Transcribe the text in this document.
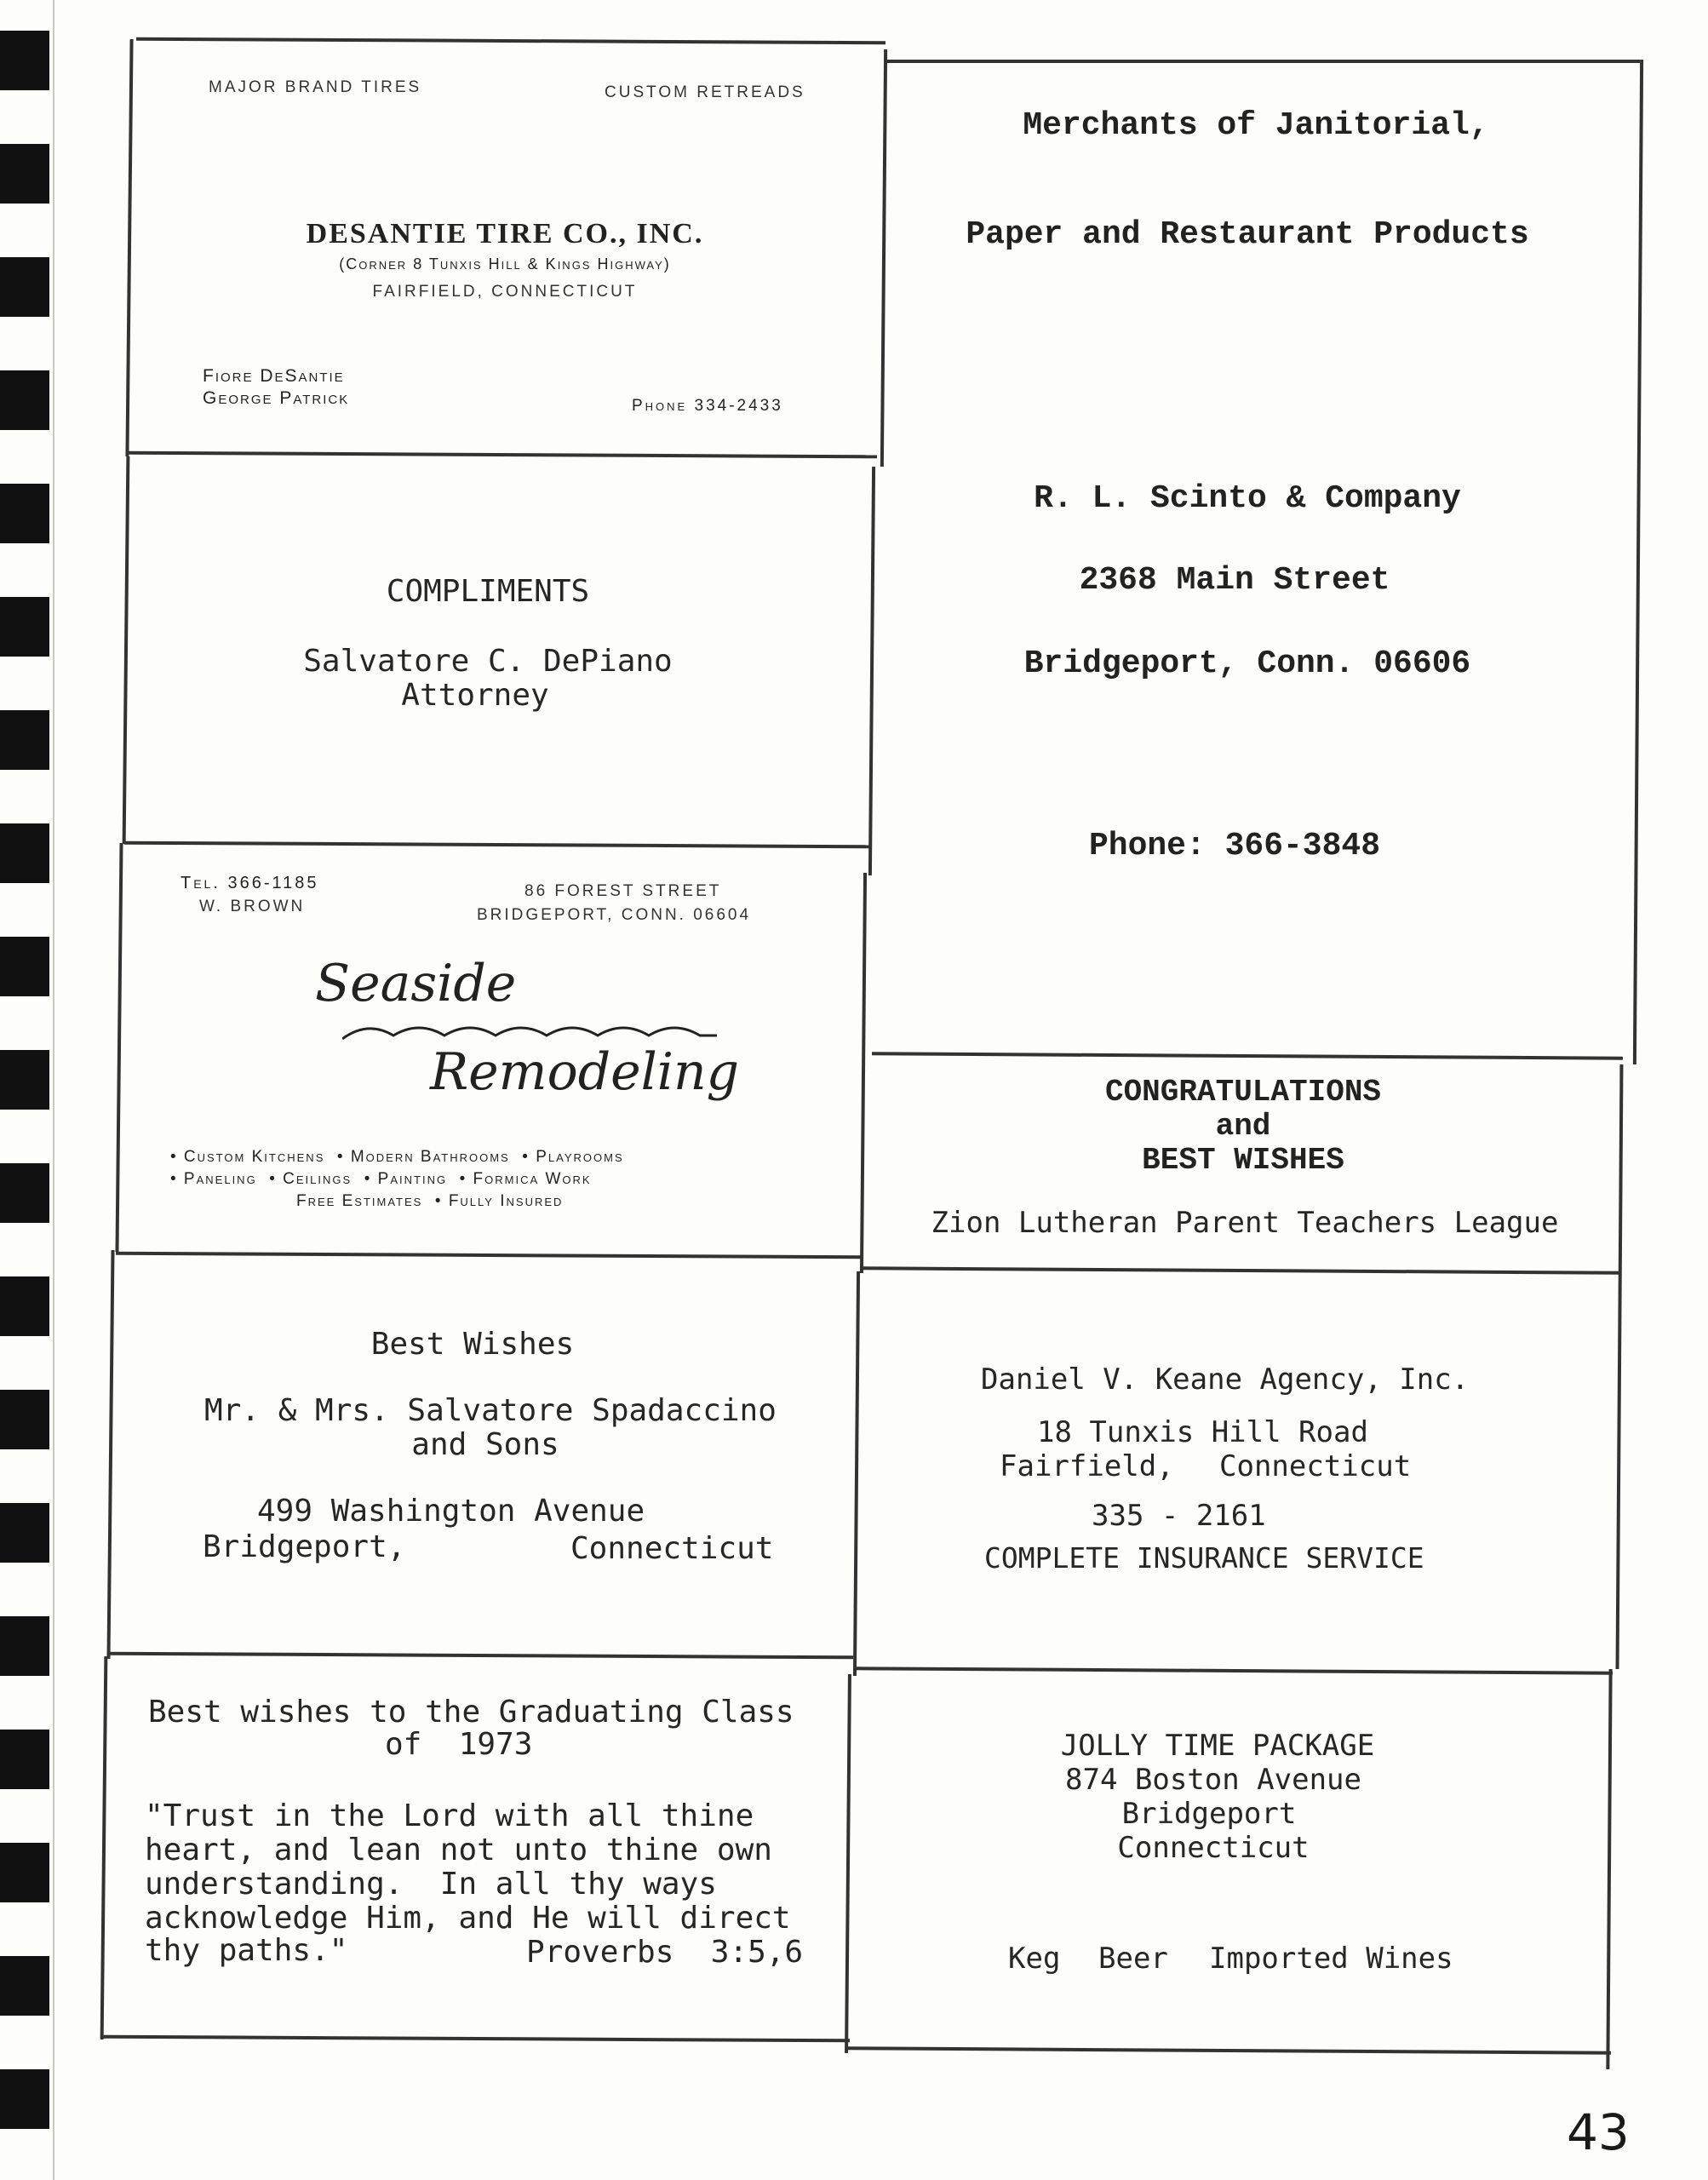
MAJOR BRAND TIRES	CUSTOM RETREADS
DESANTIE TIRE CO., INC.
(Corner 8 Tunxis Hill & Kings Highway)
FAIRFIELD, CONNECTICUT
Fiore DeSantie
George Patrick	Phone 334-2433
COMPLIMENTS
Salvatore C. DePiano
Attorney
Tel. 366-1185
W. BROWN
86 FOREST STREET
BRIDGEPORT, CONN. 06604
Seaside
Remodeling
• Custom Kitchens  • Modern Bathrooms  • Playrooms
• Paneling  • Ceilings  • Painting  • Formica Work
Free Estimates  • Fully Insured
Best Wishes
Mr. & Mrs. Salvatore Spadaccino
and Sons
499 Washington Avenue
Bridgeport,	Connecticut
Best wishes to the Graduating Class
of  1973
"Trust in the Lord with all thine
heart, and lean not unto thine own
understanding.  In all thy ways
acknowledge Him, and He will direct
thy paths."	Proverbs  3:5,6
Merchants of Janitorial,
Paper and Restaurant Products
R. L. Scinto & Company
2368 Main Street
Bridgeport, Conn. 06606
Phone: 366-3848
CONGRATULATIONS
and
BEST WISHES
Zion Lutheran Parent Teachers League
Daniel V. Keane Agency, Inc.
18 Tunxis Hill Road
Fairfield, Connecticut
335 - 2161
COMPLETE INSURANCE SERVICE
JOLLY TIME PACKAGE
874 Boston Avenue
Bridgeport
Connecticut
Keg Beer Imported Wines
43
